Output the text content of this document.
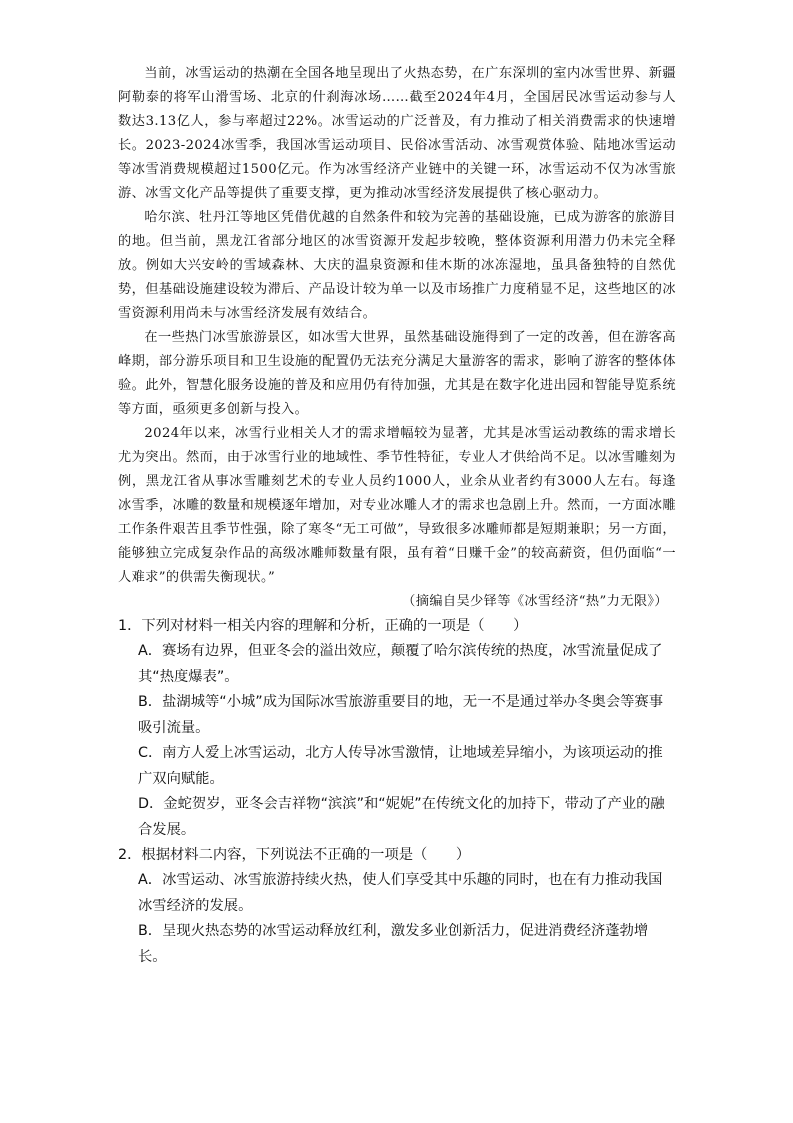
当前，冰雪运动的热潮在全国各地呈现出了火热态势，在广东深圳的室内冰雪世界、新疆阿勒泰的将军山滑雪场、北京的什刹海冰场……截至2024年4月，全国居民冰雪运动参与人数达3.13亿人，参与率超过22%。冰雪运动的广泛普及，有力推动了相关消费需求的快速增长。2023-2024冰雪季，我国冰雪运动项目、民俗冰雪活动、冰雪观赏体验、陆地冰雪运动等冰雪消费规模超过1500亿元。作为冰雪经济产业链中的关键一环，冰雪运动不仅为冰雪旅游、冰雪文化产品等提供了重要支撑，更为推动冰雪经济发展提供了核心驱动力。

哈尔滨、牡丹江等地区凭借优越的自然条件和较为完善的基础设施，已成为游客的旅游目的地。但当前，黑龙江省部分地区的冰雪资源开发起步较晚，整体资源利用潜力仍未完全释放。例如大兴安岭的雪域森林、大庆的温泉资源和佳木斯的冰冻湿地，虽具备独特的自然优势，但基础设施建设较为滞后、产品设计较为单一以及市场推广力度稍显不足，这些地区的冰雪资源利用尚未与冰雪经济发展有效结合。

在一些热门冰雪旅游景区，如冰雪大世界，虽然基础设施得到了一定的改善，但在游客高峰期，部分游乐项目和卫生设施的配置仍无法充分满足大量游客的需求，影响了游客的整体体验。此外，智慧化服务设施的普及和应用仍有待加强，尤其是在数字化进出园和智能导览系统等方面，亟须更多创新与投入。

2024年以来，冰雪行业相关人才的需求增幅较为显著，尤其是冰雪运动教练的需求增长尤为突出。然而，由于冰雪行业的地域性、季节性特征，专业人才供给尚不足。以冰雪雕刻为例，黑龙江省从事冰雪雕刻艺术的专业人员约1000人，业余从业者约有3000人左右。每逢冰雪季，冰雕的数量和规模逐年增加，对专业冰雕人才的需求也急剧上升。然而，一方面冰雕工作条件艰苦且季节性强，除了寒冬“无工可做”，导致很多冰雕师都是短期兼职；另一方面，能够独立完成复杂作品的高级冰雕师数量有限，虽有着“日赚千金”的较高薪资，但仍面临“一人难求”的供需失衡现状。”

（摘编自吴少铎等《冰雪经济“热”力无限》）

1．下列对材料一相关内容的理解和分析，正确的一项是（　　）

A．赛场有边界，但亚冬会的溢出效应，颠覆了哈尔滨传统的热度，冰雪流量促成了其“热度爆表”。

B．盐湖城等“小城”成为国际冰雪旅游重要目的地，无一不是通过举办冬奥会等赛事吸引流量。

C．南方人爱上冰雪运动，北方人传导冰雪激情，让地域差异缩小，为该项运动的推广双向赋能。

D．金蛇贺岁，亚冬会吉祥物“滨滨”和“妮妮”在传统文化的加持下，带动了产业的融合发展。

2．根据材料二内容，下列说法不正确的一项是（　　）

A．冰雪运动、冰雪旅游持续火热，使人们享受其中乐趣的同时，也在有力推动我国冰雪经济的发展。

B．呈现火热态势的冰雪运动释放红利，激发多业创新活力，促进消费经济蓬勃增长。
